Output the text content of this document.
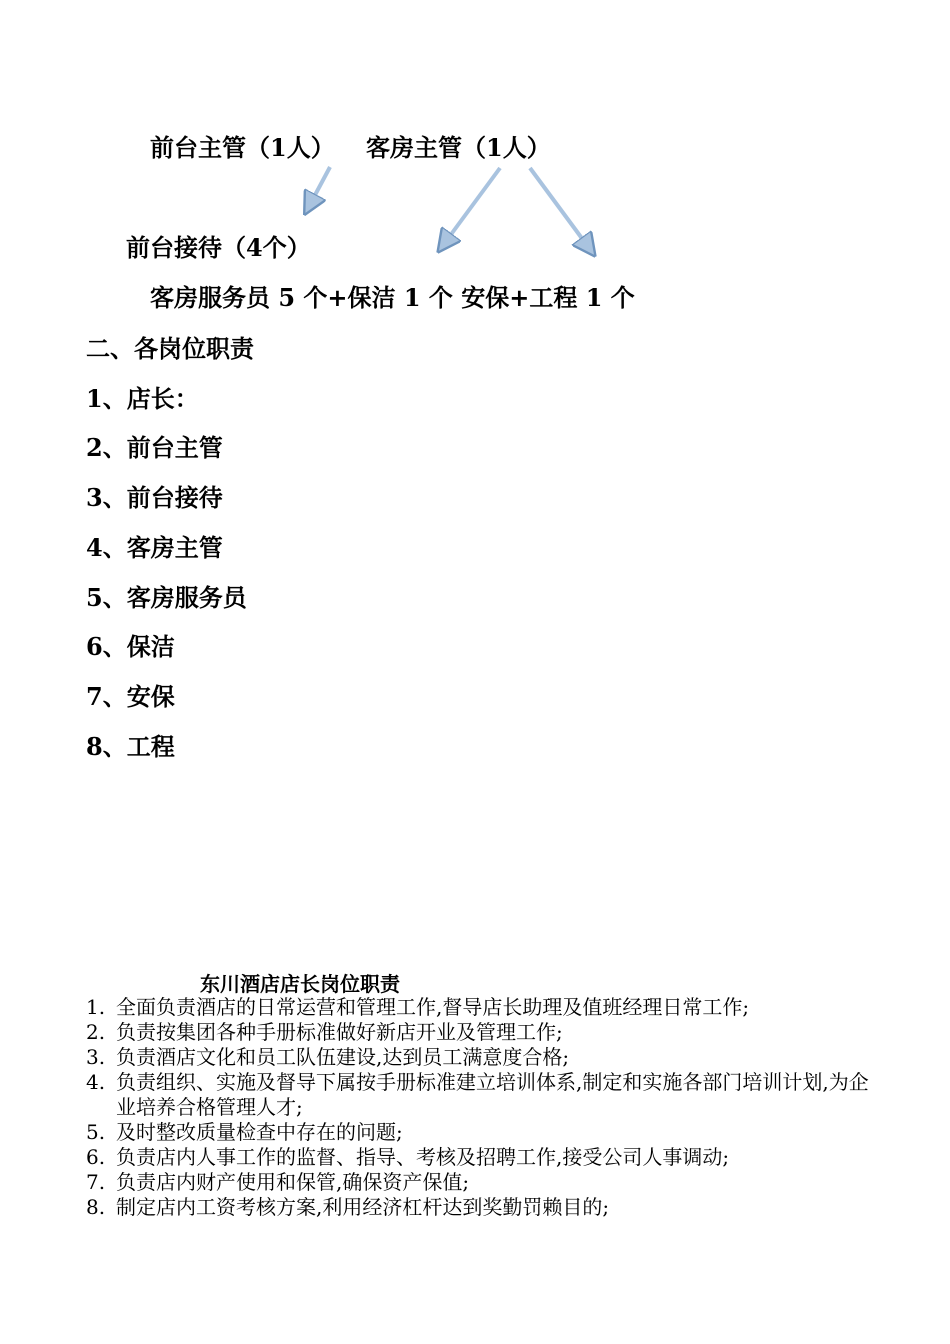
前台主管（1人） 客房主管（1人）
前台接待（4个）
客房服务员 5 个+保洁 1 个 安保+工程 1 个
二、各岗位职责
1、店长：
2、前台主管
3、前台接待
4、客房主管
5、客房服务员
6、保洁
7、安保
8、工程
东川酒店店长岗位职责
1. 全面负责酒店的日常运营和管理工作,督导店长助理及值班经理日常工作;
2. 负责按集团各种手册标准做好新店开业及管理工作;
3. 负责酒店文化和员工队伍建设,达到员工满意度合格;
4. 负责组织、实施及督导下属按手册标准建立培训体系,制定和实施各部门培训计划,为企业培养合格管理人才;
5. 及时整改质量检查中存在的问题;
6. 负责店内人事工作的监督、指导、考核及招聘工作,接受公司人事调动;
7. 负责店内财产使用和保管,确保资产保值;
8. 制定店内工资考核方案,利用经济杠杆达到奖勤罚赖目的;
